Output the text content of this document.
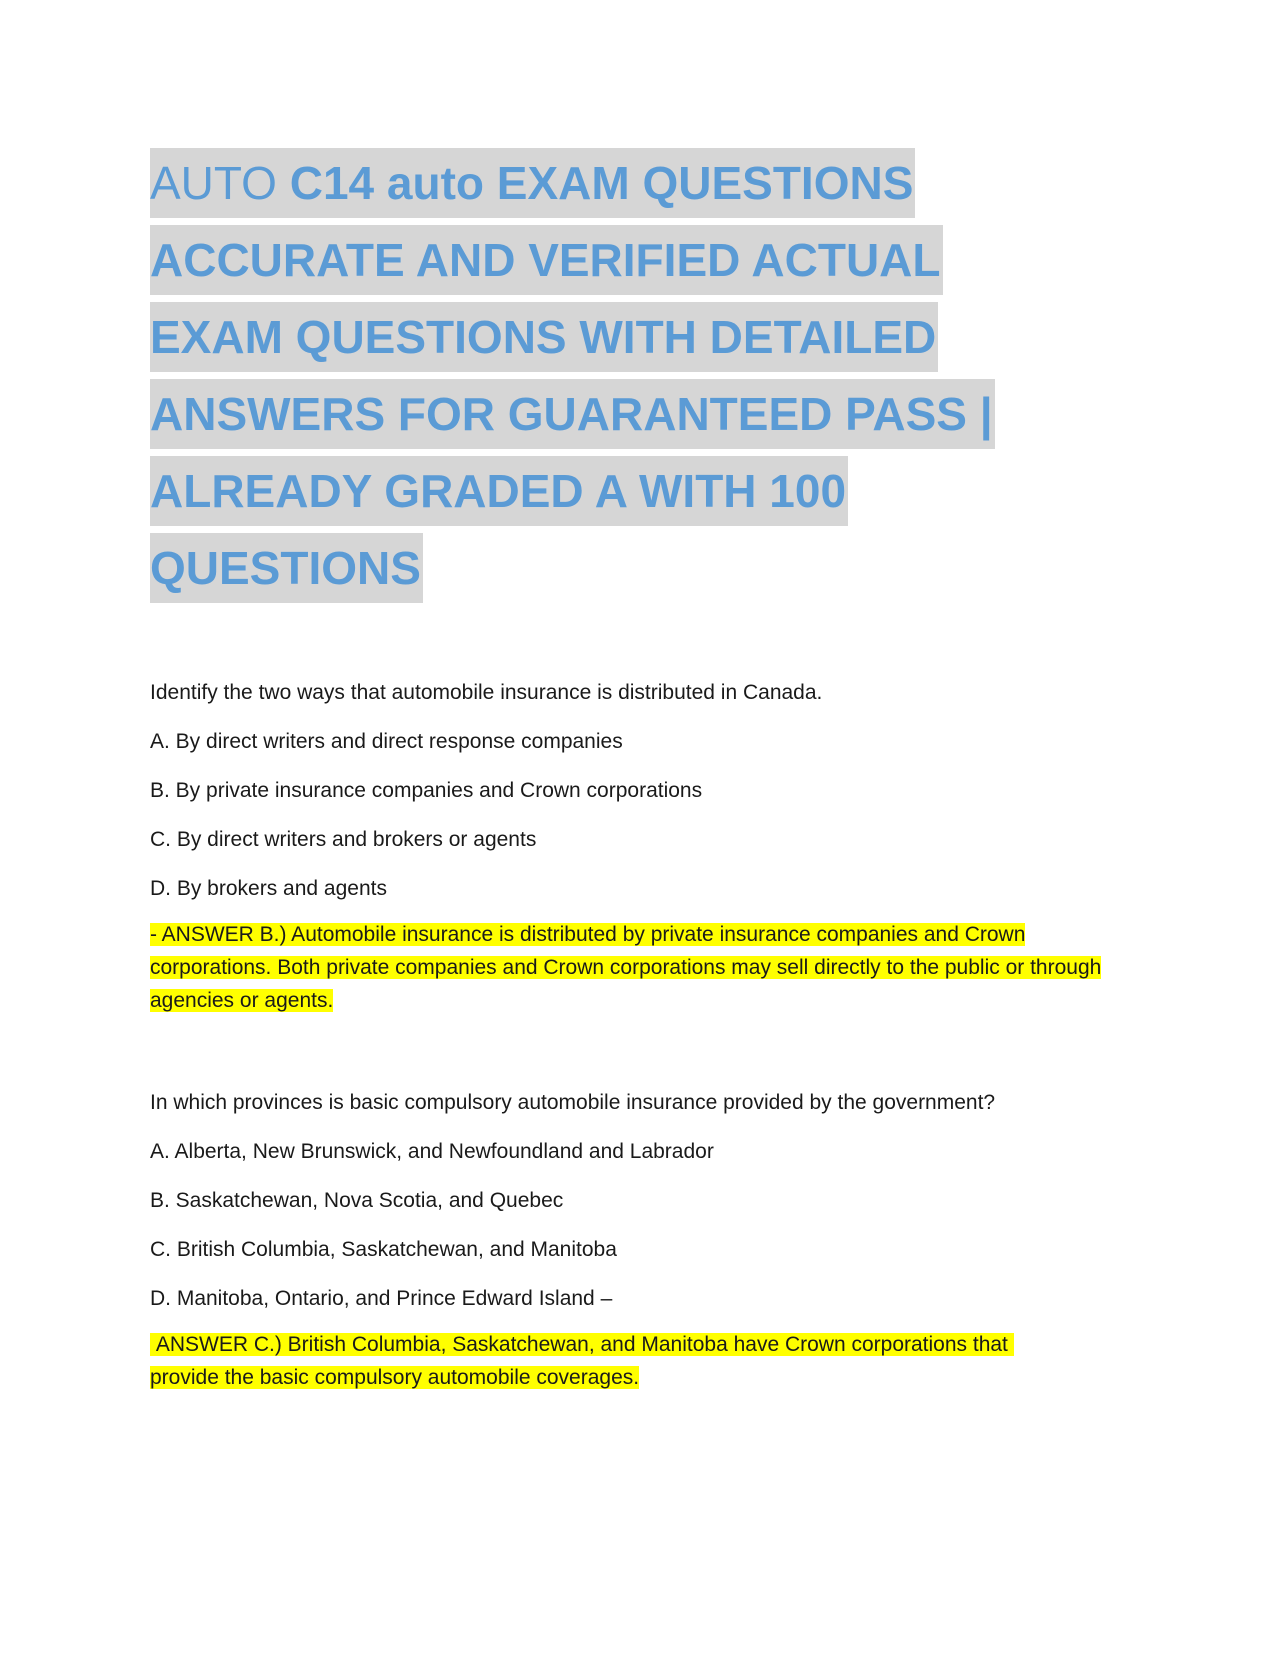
AUTO C14 auto EXAM QUESTIONS
ACCURATE AND VERIFIED ACTUAL
EXAM QUESTIONS WITH DETAILED
ANSWERS FOR GUARANTEED PASS |
ALREADY GRADED A WITH 100
QUESTIONS

Identify the two ways that automobile insurance is distributed in Canada.

A. By direct writers and direct response companies

B. By private insurance companies and Crown corporations

C. By direct writers and brokers or agents

D. By brokers and agents

- ANSWER B.) Automobile insurance is distributed by private insurance companies and Crown corporations. Both private companies and Crown corporations may sell directly to the public or through agencies or agents.

In which provinces is basic compulsory automobile insurance provided by the government?

A. Alberta, New Brunswick, and Newfoundland and Labrador

B. Saskatchewan, Nova Scotia, and Quebec

C. British Columbia, Saskatchewan, and Manitoba

D. Manitoba, Ontario, and Prince Edward Island –

ANSWER C.) British Columbia, Saskatchewan, and Manitoba have Crown corporations that provide the basic compulsory automobile coverages.
